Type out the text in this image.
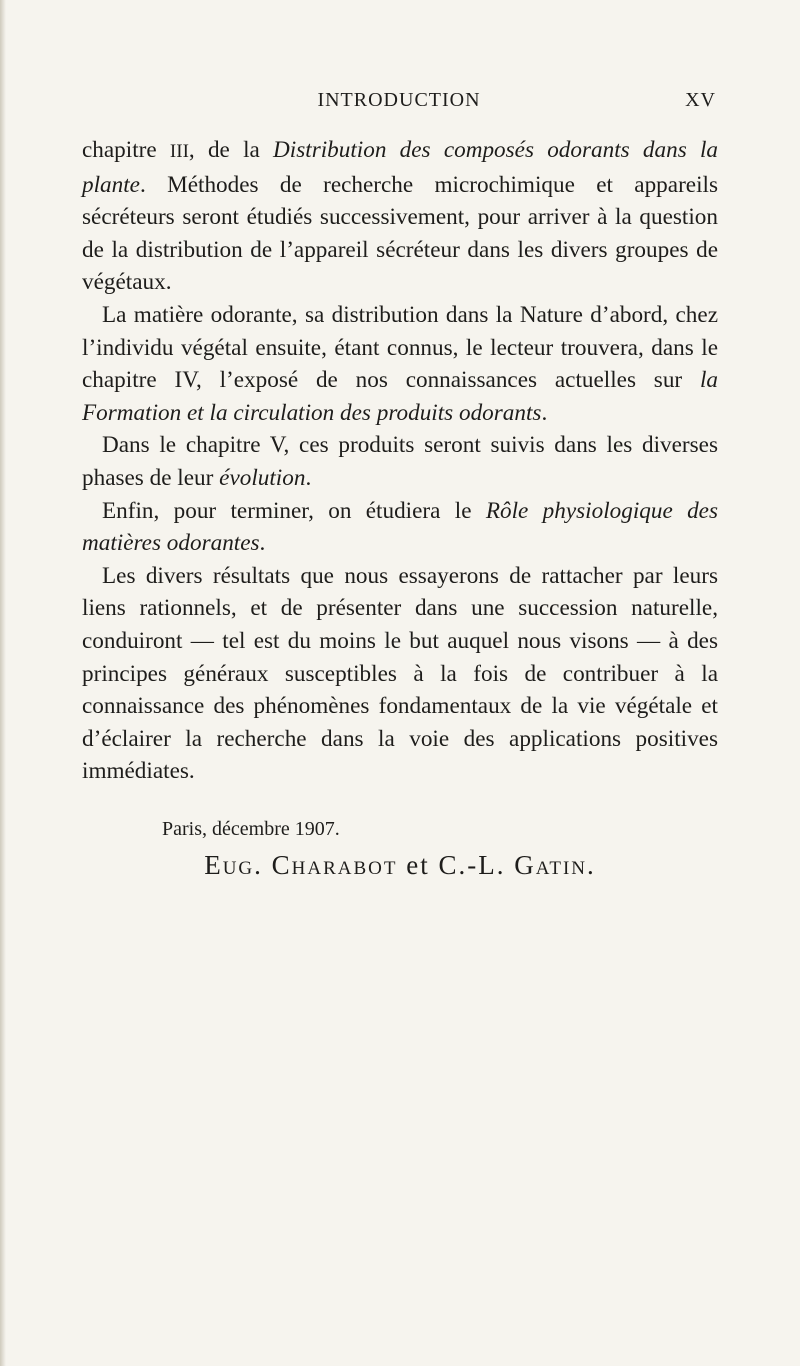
INTRODUCTION	XV

chapitre III, de la Distribution des composés odorants dans la plante. Méthodes de recherche microchimique et appareils sécréteurs seront étudiés successivement, pour arriver à la question de la distribution de l’appareil sécréteur dans les divers groupes de végétaux.

La matière odorante, sa distribution dans la Nature d’abord, chez l’individu végétal ensuite, étant connus, le lecteur trouvera, dans le chapitre IV, l’exposé de nos connaissances actuelles sur la Formation et la circulation des produits odorants.

Dans le chapitre V, ces produits seront suivis dans les diverses phases de leur évolution.

Enfin, pour terminer, on étudiera le Rôle physiologique des matières odorantes.

Les divers résultats que nous essayerons de rattacher par leurs liens rationnels, et de présenter dans une succession naturelle, conduiront — tel est du moins le but auquel nous visons — à des principes généraux susceptibles à la fois de contribuer à la connaissance des phénomènes fondamentaux de la vie végétale et d’éclairer la recherche dans la voie des applications positives immédiates.

Paris, décembre 1907.
Eug. Charabot et C.-L. Gatin.
